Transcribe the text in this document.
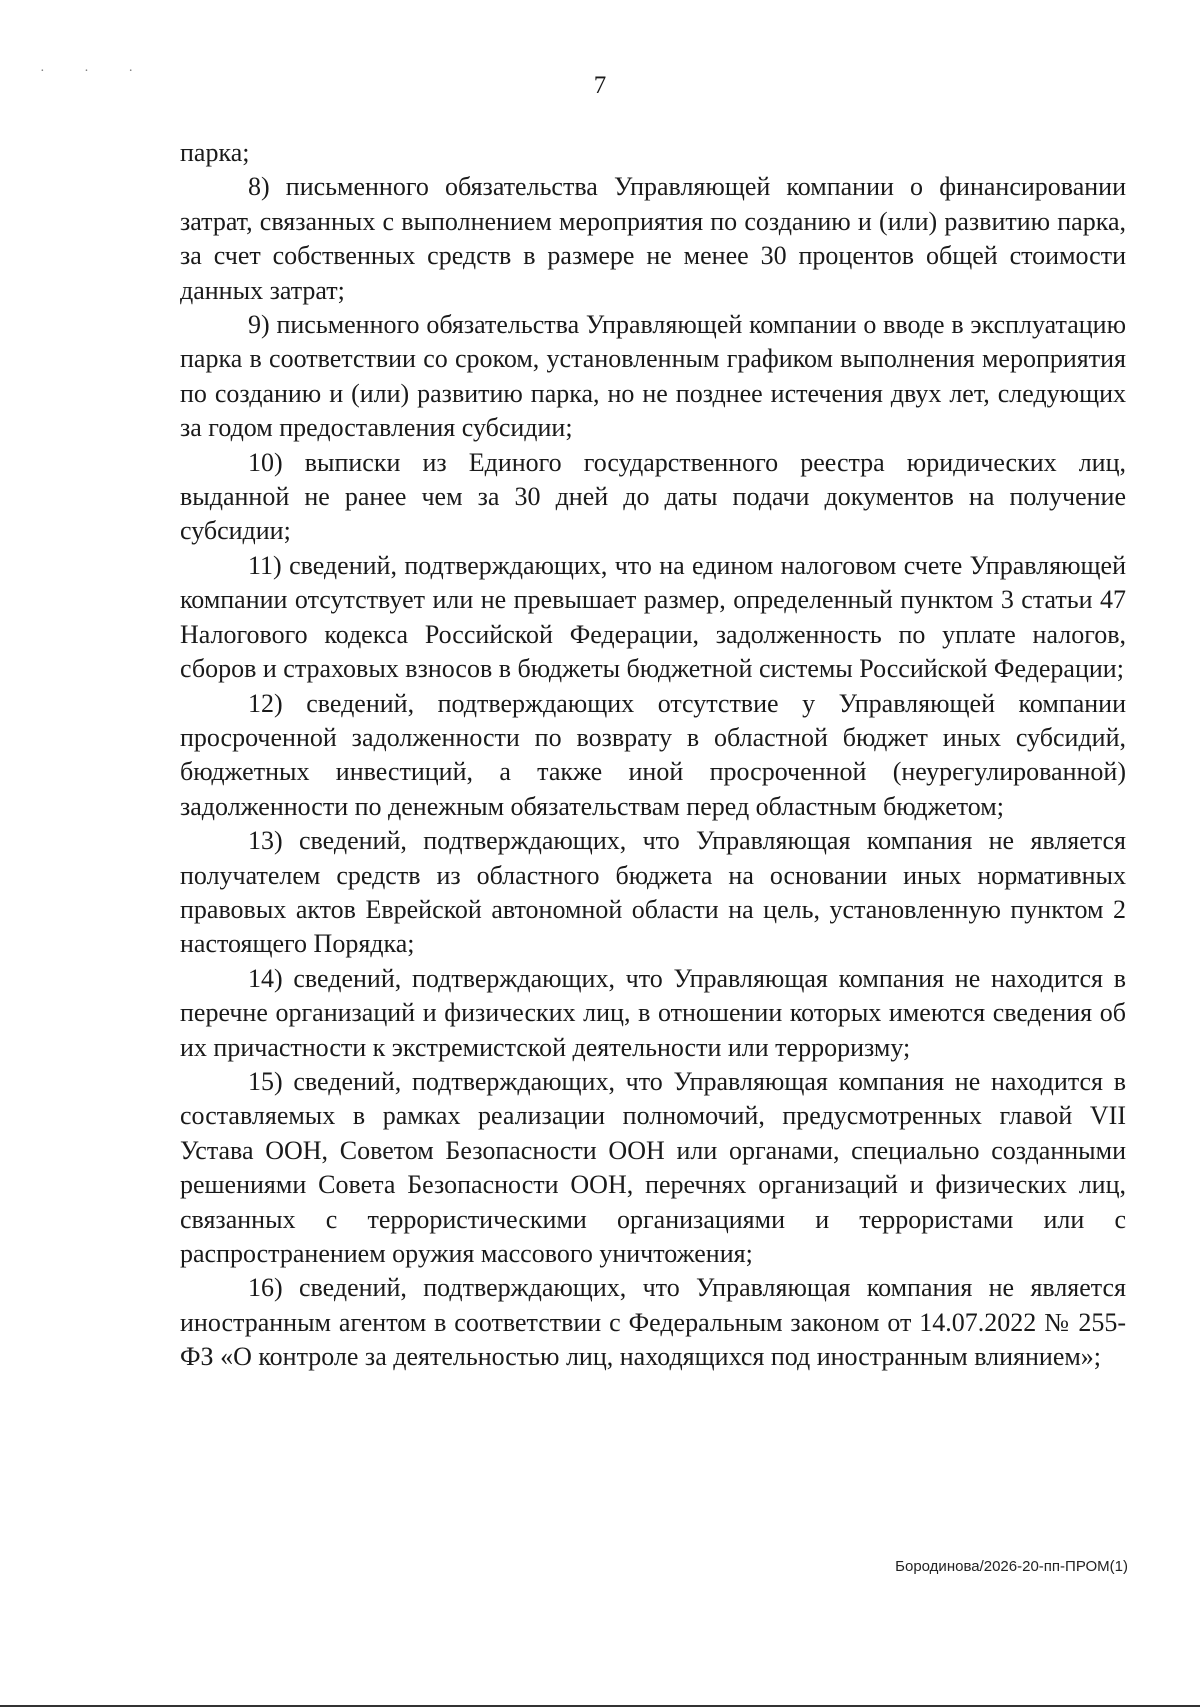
· · ·
7

парка;

8) письменного обязательства Управляющей компании о финансировании затрат, связанных с выполнением мероприятия по созданию и (или) развитию парка, за счет собственных средств в размере не менее 30 процентов общей стоимости данных затрат;

9) письменного обязательства Управляющей компании о вводе в эксплуатацию парка в соответствии со сроком, установленным графиком выполнения мероприятия по созданию и (или) развитию парка, но не позднее истечения двух лет, следующих за годом предоставления субсидии;

10) выписки из Единого государственного реестра юридических лиц, выданной не ранее чем за 30 дней до даты подачи документов на получение субсидии;

11) сведений, подтверждающих, что на едином налоговом счете Управляющей компании отсутствует или не превышает размер, определенный пунктом 3 статьи 47 Налогового кодекса Российской Федерации, задолженность по уплате налогов, сборов и страховых взносов в бюджеты бюджетной системы Российской Федерации;

12) сведений, подтверждающих отсутствие у Управляющей компании просроченной задолженности по возврату в областной бюджет иных субсидий, бюджетных инвестиций, а также иной просроченной (неурегулированной) задолженности по денежным обязательствам перед областным бюджетом;

13) сведений, подтверждающих, что Управляющая компания не является получателем средств из областного бюджета на основании иных нормативных правовых актов Еврейской автономной области на цель, установленную пунктом 2 настоящего Порядка;

14) сведений, подтверждающих, что Управляющая компания не находится в перечне организаций и физических лиц, в отношении которых имеются сведения об их причастности к экстремистской деятельности или терроризму;

15) сведений, подтверждающих, что Управляющая компания не находится в составляемых в рамках реализации полномочий, предусмотренных главой VII Устава ООН, Советом Безопасности ООН или органами, специально созданными решениями Совета Безопасности ООН, перечнях организаций и физических лиц, связанных с террористическими организациями и террористами или с распространением оружия массового уничтожения;

16) сведений, подтверждающих, что Управляющая компания не является иностранным агентом в соответствии с Федеральным законом от 14.07.2022 № 255-ФЗ «О контроле за деятельностью лиц, находящихся под иностранным влиянием»;

Бородинова/2026-20-пп-ПРОМ(1)
